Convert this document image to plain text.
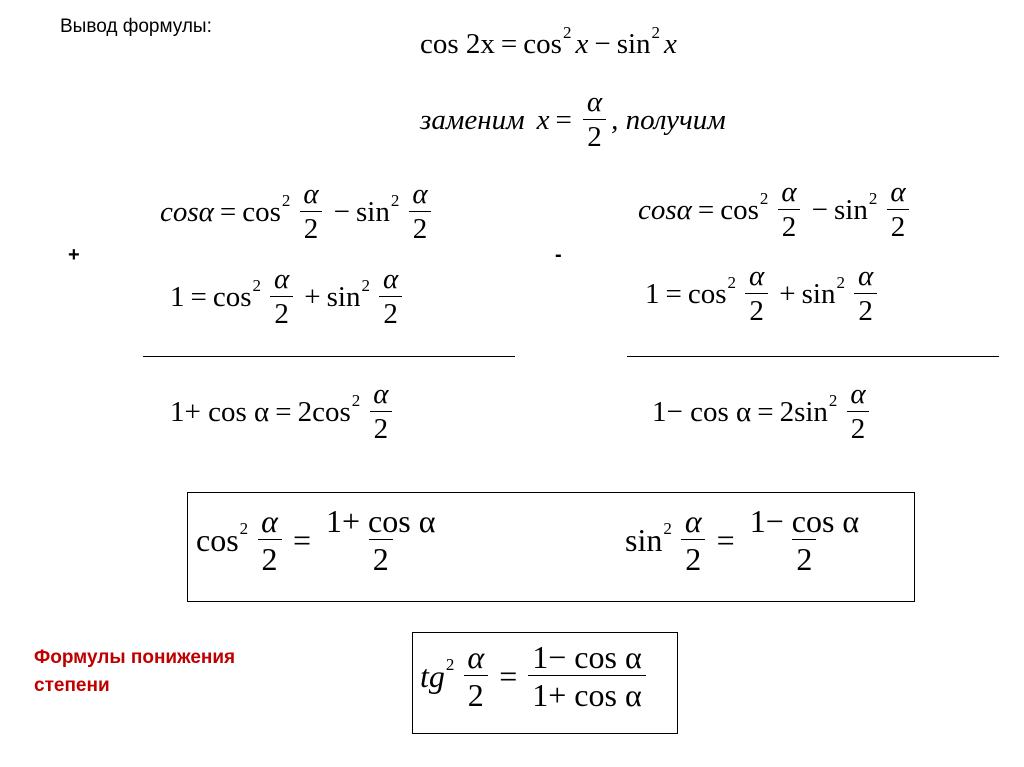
Вывод формулы:
cos 2x = cos 2 x − sin 2 x
заменим $x = \frac{\alpha}{2}$ , получим
+
$\cos\alpha = \cos 2 \frac{\alpha}{2} - \sin 2 \frac{\alpha}{2}$
$1 = \cos 2 \frac{\alpha}{2} + \sin 2 \frac{\alpha}{2}$
1+ cos α = 2cos $2 \frac{\alpha}{2}$
-
$\cos\alpha = \cos 2 \frac{\alpha}{2} - \sin 2 \frac{\alpha}{2}$
$1 = \cos 2 \frac{\alpha}{2} + \sin 2 \frac{\alpha}{2}$
1− cos α = 2sin $2 \frac{\alpha}{2}$
$\cos 2 \frac{\alpha}{2} = \frac{\text{1+ cos α}}{2}$	$\sin 2 \frac{\alpha}{2} = \frac{\text{1− cos α}}{2}$
Формулы понижения степени	tg $2 \frac{\alpha}{2} = \frac{\text{1− cos α}}{\text{1+ cos α}}$
